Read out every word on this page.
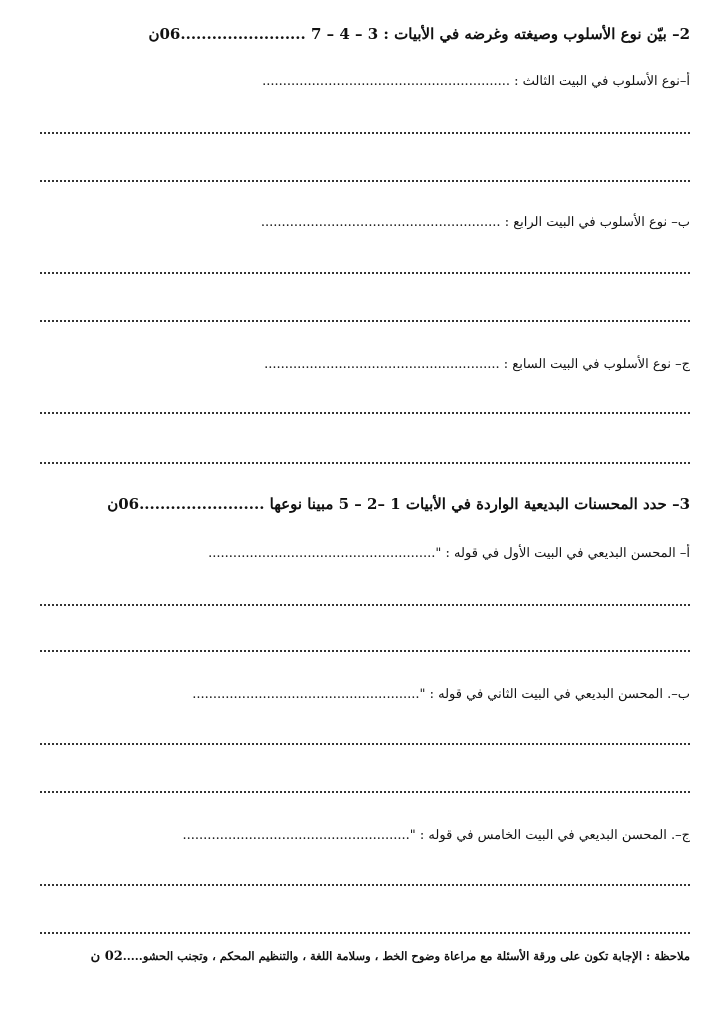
2– بيّن نوع الأسلوب وصيغته وغرضه في الأبيات : 3 – 4 – 7 ........................06ن
أ–نوع الأسلوب في البيت الثالث : ............................................................
ب– نوع الأسلوب في البيت الرابع : ..........................................................
ج– نوع الأسلوب في البيت السابع : .........................................................
3– حدد المحسنات البديعية الواردة في الأبيات 1 –2 – 5 مبينا نوعها ........................06ن
أ– المحسن البديعي في البيت الأول في قوله : ".......................................................
ب–. المحسن البديعي في البيت الثاني في قوله : ".......................................................
ج–. المحسن البديعي في البيت الخامس في قوله : ".......................................................
ملاحظة : الإجابة تكون على ورقة الأسئلة مع مراعاة وضوح الخط ، وسلامة اللغة ، والتنظيم المحكم ، وتجنب الحشو.....02 ن
